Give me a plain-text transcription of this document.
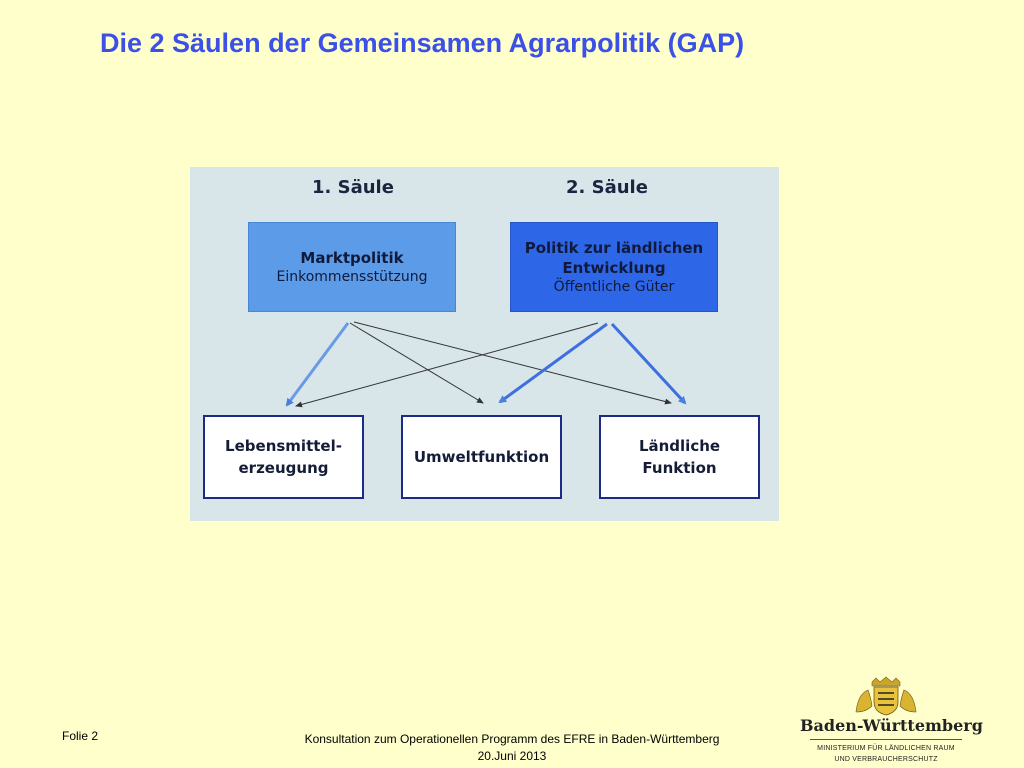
Die 2 Säulen der Gemeinsamen Agrarpolitik (GAP)
1. Säule	2. Säule
Marktpolitik
Einkommensstützung
Politik zur ländlichen
Entwicklung
Öffentliche Güter
Lebensmittel-
erzeugung
Umweltfunktion
Ländliche
Funktion
Folie 2	Konsultation zum Operationellen Programm des EFRE in Baden-Württemberg
20.Juni 2013
Baden-Württemberg
MINISTERIUM FÜR LÄNDLICHEN RAUM
UND VERBRAUCHERSCHUTZ
